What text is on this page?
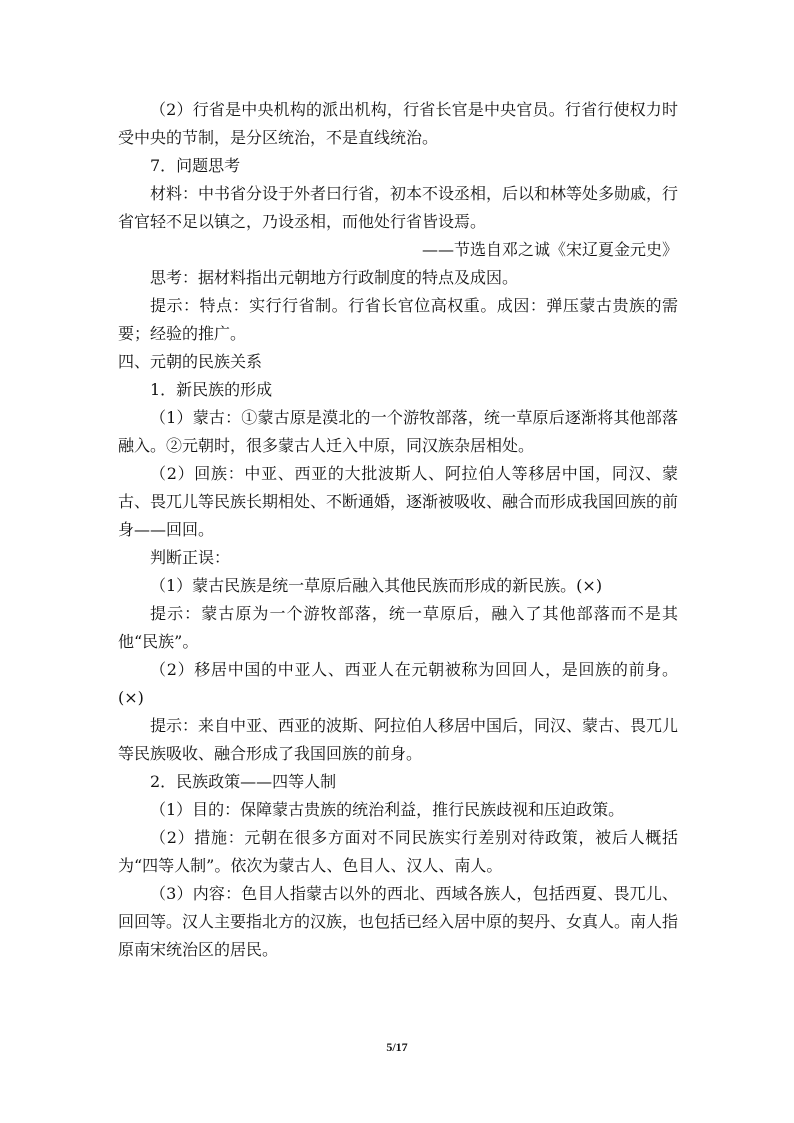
（2）行省是中央机构的派出机构，行省长官是中央官员。行省行使权力时受中央的节制，是分区统治，不是直线统治。

7．问题思考

材料：中书省分设于外者曰行省，初本不设丞相，后以和林等处多勋戚，行省官轻不足以镇之，乃设丞相，而他处行省皆设焉。

——节选自邓之诚《宋辽夏金元史》

思考：据材料指出元朝地方行政制度的特点及成因。

提示：特点：实行行省制。行省长官位高权重。成因：弹压蒙古贵族的需要；经验的推广。

四、元朝的民族关系

1．新民族的形成

（1）蒙古：①蒙古原是漠北的一个游牧部落，统一草原后逐渐将其他部落融入。②元朝时，很多蒙古人迁入中原，同汉族杂居相处。

（2）回族：中亚、西亚的大批波斯人、阿拉伯人等移居中国，同汉、蒙古、畏兀儿等民族长期相处、不断通婚，逐渐被吸收、融合而形成我国回族的前身——回回。

判断正误：

（1）蒙古民族是统一草原后融入其他民族而形成的新民族。(×)

提示：蒙古原为一个游牧部落，统一草原后，融入了其他部落而不是其他“民族”。

（2）移居中国的中亚人、西亚人在元朝被称为回回人，是回族的前身。(×)

提示：来自中亚、西亚的波斯、阿拉伯人移居中国后，同汉、蒙古、畏兀儿等民族吸收、融合形成了我国回族的前身。

2．民族政策——四等人制

（1）目的：保障蒙古贵族的统治利益，推行民族歧视和压迫政策。

（2）措施：元朝在很多方面对不同民族实行差别对待政策，被后人概括为“四等人制”。依次为蒙古人、色目人、汉人、南人。

（3）内容：色目人指蒙古以外的西北、西域各族人，包括西夏、畏兀儿、回回等。汉人主要指北方的汉族，也包括已经入居中原的契丹、女真人。南人指原南宋统治区的居民。

5/17
